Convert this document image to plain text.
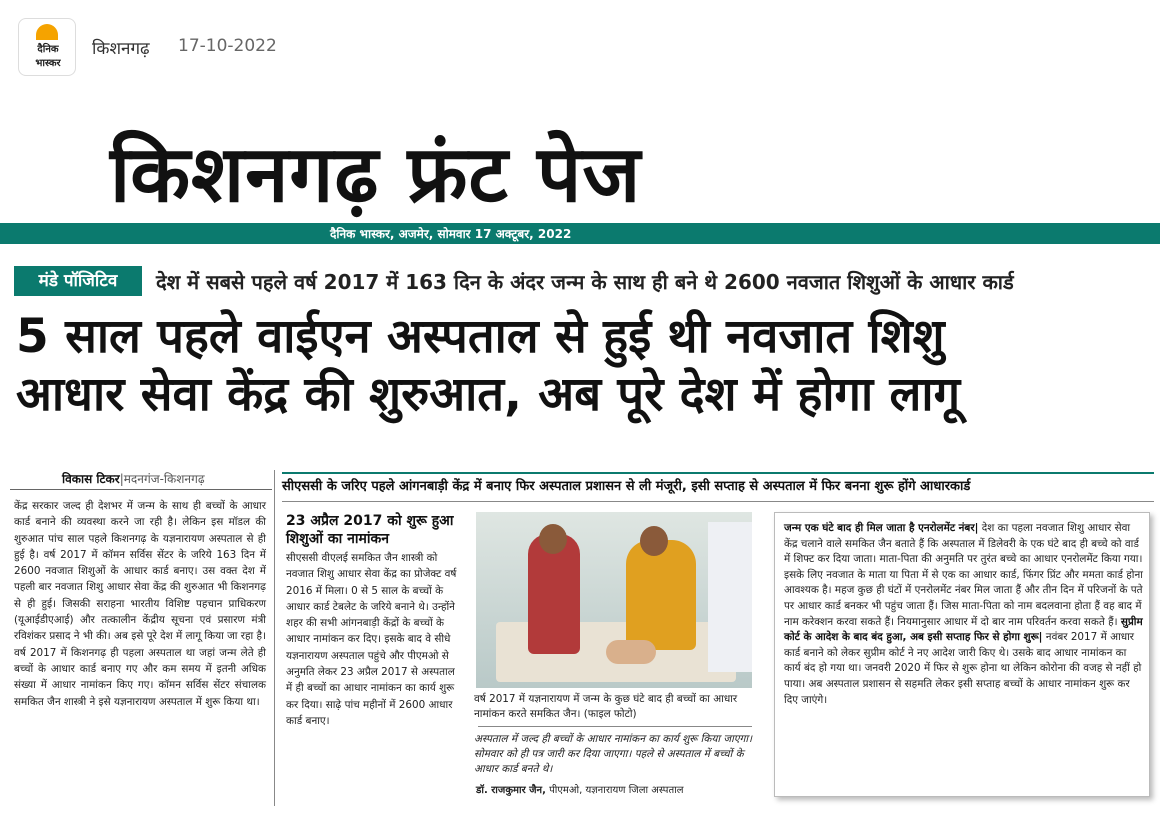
दैनिक
भास्कर
किशनगढ़ 17-10-2022
किशनगढ़ फ्रंट पेज
दैनिक भास्कर, अजमेर, सोमवार 17 अक्टूबर, 2022
मंडे पॉजिटिव	देश में सबसे पहले वर्ष 2017 में 163 दिन के अंदर जन्म के साथ ही बने थे 2600 नवजात शिशुओं के आधार कार्ड
5 साल पहले वाईएन अस्पताल से हुई थी नवजात शिशु
आधार सेवा केंद्र की शुरुआत, अब पूरे देश में होगा लागू
विकास टिकर|मदनगंज-किशनगढ़
केंद्र सरकार जल्द ही देशभर में जन्म के साथ ही बच्चों के आधार कार्ड बनाने की व्यवस्था करने जा रही है। लेकिन इस मॉडल की शुरुआत पांच साल पहले किशनगढ़ के यज्ञनारायण अस्पताल से ही हुई है। वर्ष 2017 में कॉमन सर्विस सेंटर के जरिये 163 दिन में 2600 नवजात शिशुओं के आधार कार्ड बनाए। उस वक्त देश में पहली बार नवजात शिशु आधार सेवा केंद्र की शुरुआत भी किशनगढ़ से ही हुई। जिसकी सराहना भारतीय विशिष्ट पहचान प्राधिकरण (यूआईडीएआई) और तत्कालीन केंद्रीय सूचना एवं प्रसारण मंत्री रविशंकर प्रसाद ने भी की। अब इसे पूरे देश में लागू किया जा रहा है। वर्ष 2017 में किशनगढ़ ही पहला अस्पताल था जहां जन्म लेते ही बच्चों के आधार कार्ड बनाए गए और कम समय में इतनी अधिक संख्या में आधार नामांकन किए गए। कॉमन सर्विस सेंटर संचालक समकित जैन शास्त्री ने इसे यज्ञनारायण अस्पताल में शुरू किया था।
सीएससी के जरिए पहले आंगनबाड़ी केंद्र में बनाए फिर अस्पताल प्रशासन से ली मंजूरी, इसी सप्ताह से अस्पताल में फिर बनना शुरू होंगे आधारकार्ड
23 अप्रैल 2017 को शुरू हुआ शिशुओं का नामांकन
सीएससी वीएलई समकित जैन शास्त्री को नवजात शिशु आधार सेवा केंद्र का प्रोजेक्ट वर्ष 2016 में मिला। 0 से 5 साल के बच्चों के आधार कार्ड टेबलेट के जरिये बनाने थे। उन्होंने शहर की सभी आंगनबाड़ी केंद्रों के बच्चों के आधार नामांकन कर दिए। इसके बाद वे सीधे यज्ञनारायण अस्पताल पहुंचे और पीएमओ से अनुमति लेकर 23 अप्रैल 2017 से अस्पताल में ही बच्चों का आधार नामांकन का कार्य शुरू कर दिया। साढ़े पांच महीनों में 2600 आधार कार्ड बनाए।
वर्ष 2017 में यज्ञनारायण में जन्म के कुछ घंटे बाद ही बच्चों का आधार नामांकन करते समकित जैन। (फाइल फोटो)
अस्पताल में जल्द ही बच्चों के आधार नामांकन का कार्य शुरू किया जाएगा। सोमवार को ही पत्र जारी कर दिया जाएगा। पहले से अस्पताल में बच्चों के आधार कार्ड बनते थे।
डॉ. राजकुमार जैन, पीएमओ, यज्ञनारायण जिला अस्पताल
जन्म एक घंटे बाद ही मिल जाता है एनरोलमेंट नंबर| देश का पहला नवजात शिशु आधार सेवा केंद्र चलाने वाले समकित जैन बताते हैं कि अस्पताल में डिलेवरी के एक घंटे बाद ही बच्चे को वार्ड में शिफ्ट कर दिया जाता। माता-पिता की अनुमति पर तुरंत बच्चे का आधार एनरोलमेंट किया गया। इसके लिए नवजात के माता या पिता में से एक का आधार कार्ड, फिंगर प्रिंट और ममता कार्ड होना आवश्यक है। महज कुछ ही घंटों में एनरोलमेंट नंबर मिल जाता हैं और तीन दिन में परिजनों के पते पर आधार कार्ड बनकर भी पहुंच जाता हैं। जिस माता-पिता को नाम बदलवाना होता हैं वह बाद में नाम करेक्शन करवा सकते हैं। नियमानुसार आधार में दो बार नाम परिवर्तन करवा सकते हैं। सुप्रीम कोर्ट के आदेश के बाद बंद हुआ, अब इसी सप्ताह फिर से होगा शुरू| नवंबर 2017 में आधार कार्ड बनाने को लेकर सुप्रीम कोर्ट ने नए आदेश जारी किए थे। उसके बाद आधार नामांकन का कार्य बंद हो गया था। जनवरी 2020 में फिर से शुरू होना था लेकिन कोरोना की वजह से नहीं हो पाया। अब अस्पताल प्रशासन से सहमति लेकर इसी सप्ताह बच्चों के आधार नामांकन शुरू कर दिए जाएंगे।
